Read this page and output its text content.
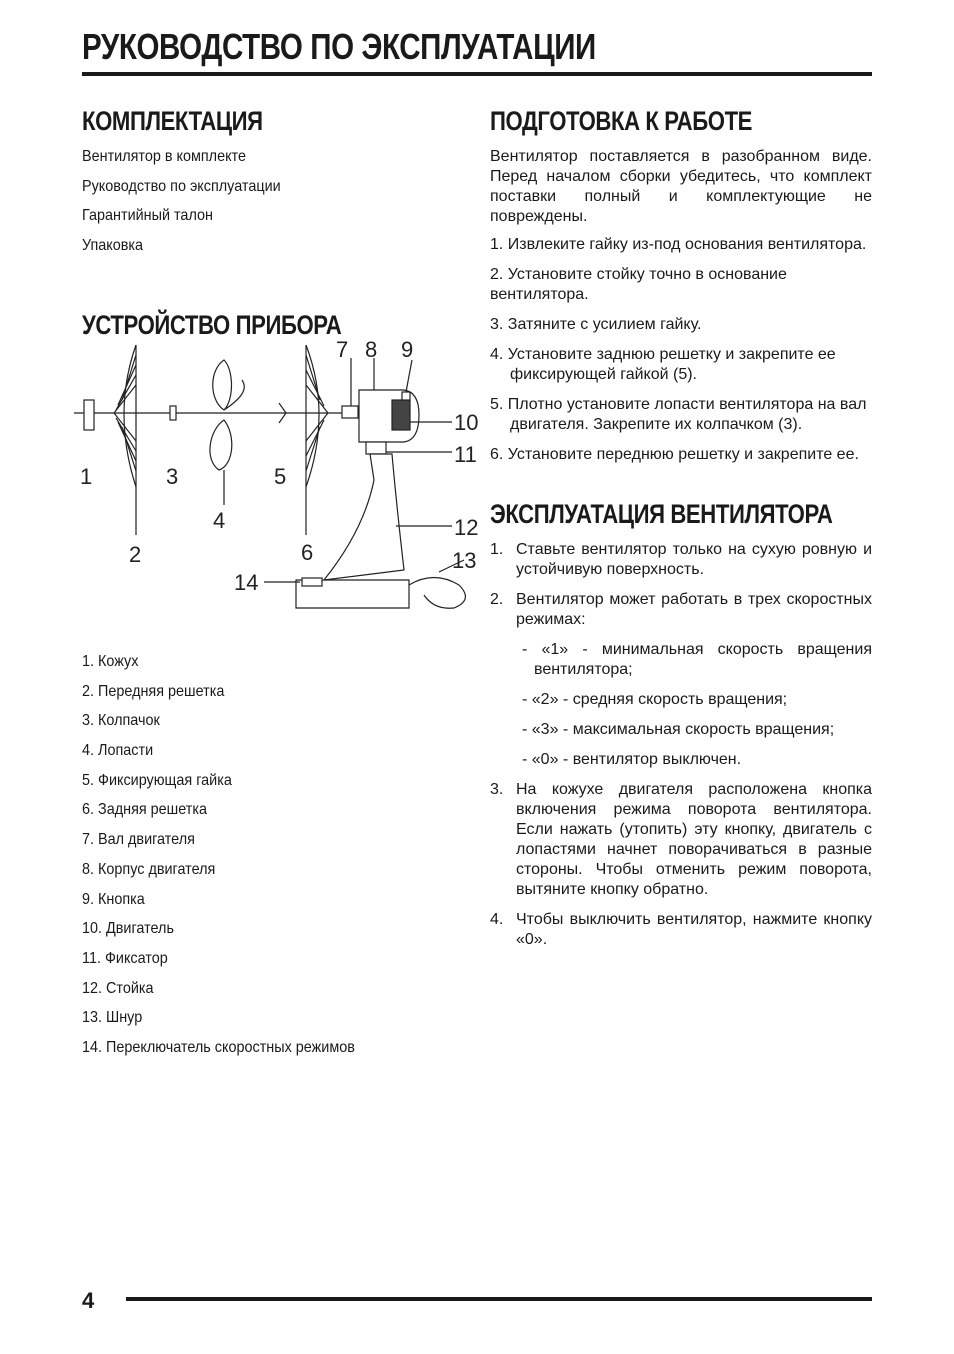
РУКОВОДСТВО ПО ЭКСПЛУАТАЦИИ
КОМПЛЕКТАЦИЯ
Вентилятор в комплекте
Руководство по эксплуатации
Гарантийный талон
Упаковка
УСТРОЙСТВО ПРИБОРА
1
2
3
4
5
6
7 8 9
10
11
12
13
14
1. Кожух
2. Передняя решетка
3. Колпачок
4. Лопасти
5. Фиксирующая гайка
6. Задняя решетка
7. Вал двигателя
8. Корпус двигателя
9. Кнопка
10. Двигатель
11. Фиксатор
12. Стойка
13. Шнур
14. Переключатель скоростных режимов
ПОДГОТОВКА К РАБОТЕ

Вентилятор поставляется в разобранном виде. Перед началом сборки убедитесь, что комплект поставки полный и комплектующие не повреждены.

1. Извлеките гайку из-под основания вентилятора.
2. Установите стойку точно в основание вентилятора.
3. Затяните с усилием гайку.
4. Установите заднюю решетку и закрепите ее фиксирующей гайкой (5).
5. Плотно установите лопасти вентилятора на вал двигателя. Закрепите их колпачком (3).
6. Установите переднюю решетку и закрепите ее.
ЭКСПЛУАТАЦИЯ ВЕНТИЛЯТОРА
1. Ставьте вентилятор только на сухую ровную и устойчивую поверхность.
2. Вентилятор может работать в трех скоростных режимах:
- «1» - минимальная скорость вращения вентилятора;
- «2» - средняя скорость вращения;
- «3» - максимальная скорость вращения;
- «0» - вентилятор выключен.
3. На кожухе двигателя расположена кнопка включения режима поворота вентилятора. Если нажать (утопить) эту кнопку, двигатель с лопастями начнет поворачиваться в разные стороны. Чтобы отменить режим поворота, вытяните кнопку обратно.
4. Чтобы выключить вентилятор, нажмите кнопку «0».

4
